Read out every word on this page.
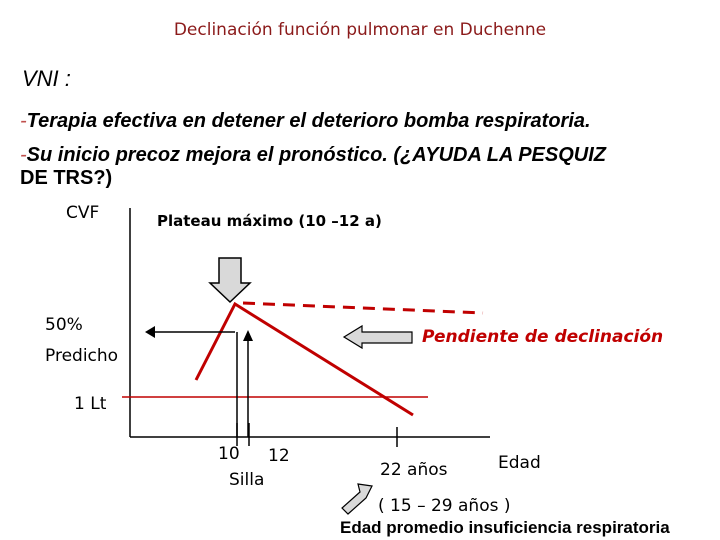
Declinación función pulmonar en Duchenne
VNI :
-Terapia efectiva en detener el deterioro bomba respiratoria.
-Su inicio precoz mejora el pronóstico. (¿AYUDA LA PESQUIZ
DE TRS?)
CVF	Plateau máximo (10 –12 a)
50%
Predicho
1 Lt
Pendiente de declinación
10 12
Silla	22 años	Edad
( 15 – 29 años )
Edad promedio insuficiencia respiratoria
